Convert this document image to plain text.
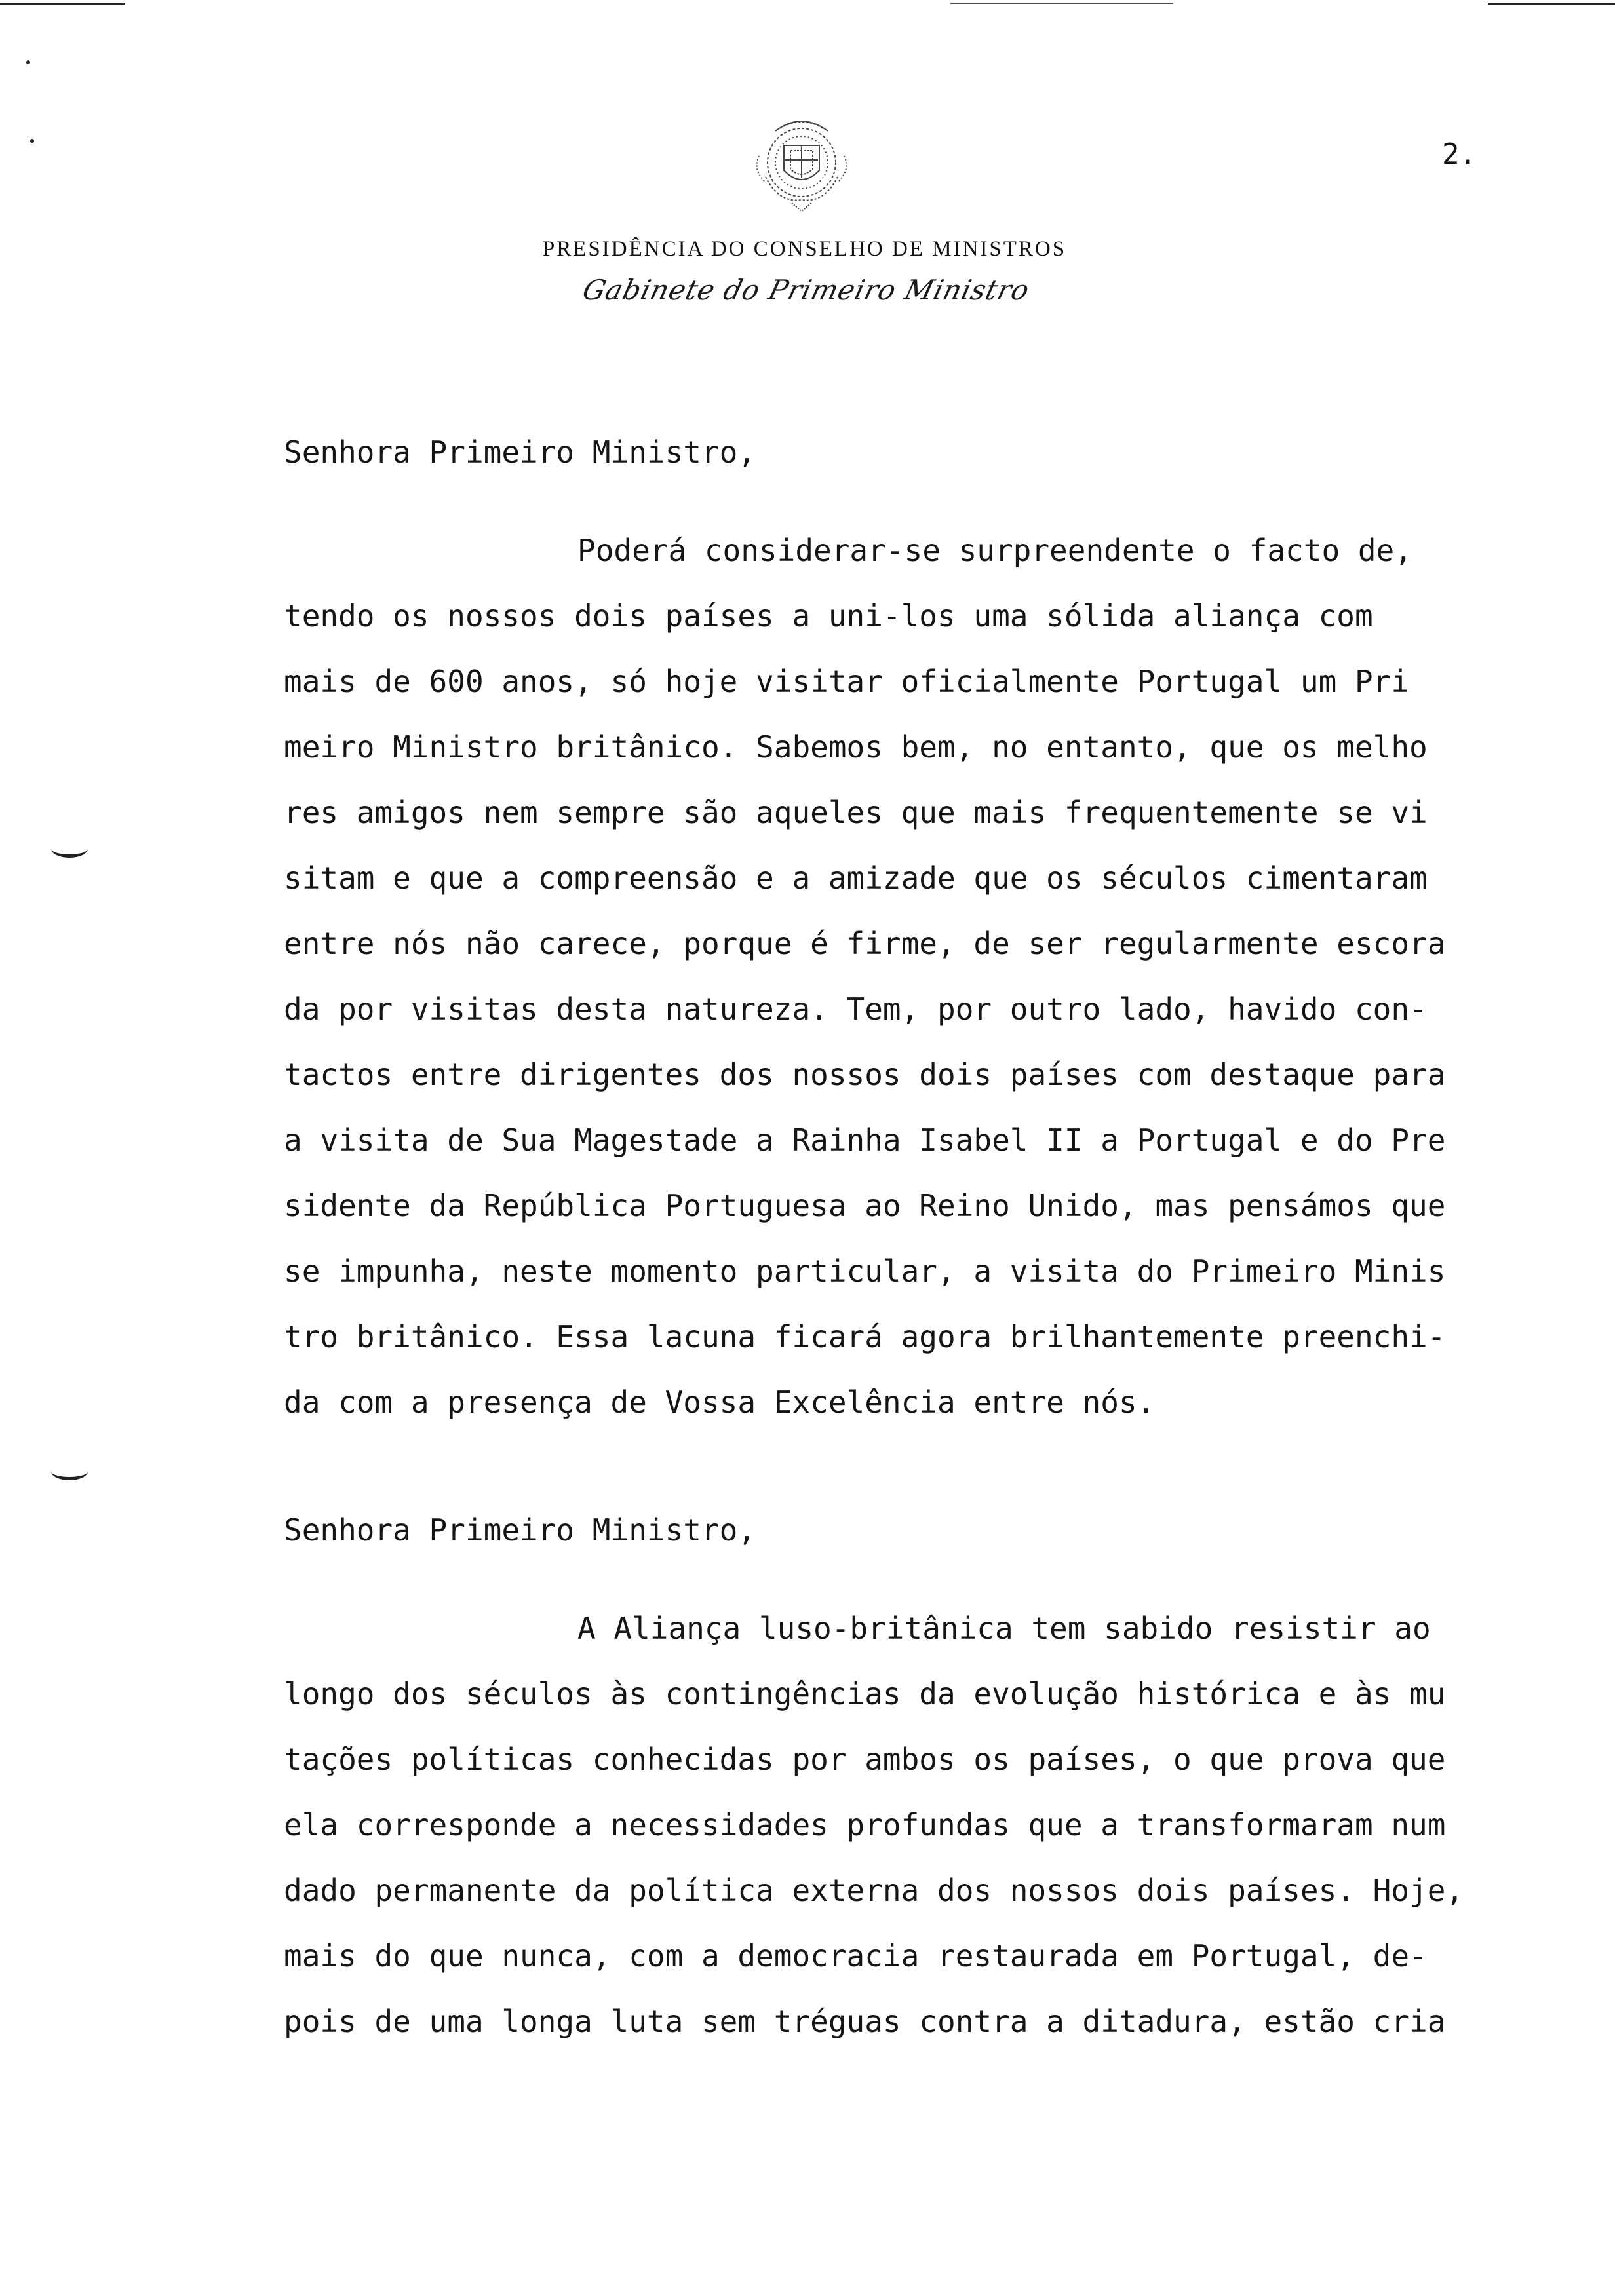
2.
PRESIDÊNCIA DO CONSELHO DE MINISTROS
Gabinete do Primeiro Ministro
Senhora Primeiro Ministro,
Poderá considerar-se surpreendente o facto de,
tendo os nossos dois países a uni-los uma sólida aliança com
mais de 600 anos, só hoje visitar oficialmente Portugal um Pri
meiro Ministro britânico. Sabemos bem, no entanto, que os melho
res amigos nem sempre são aqueles que mais frequentemente se vi
sitam e que a compreensão e a amizade que os séculos cimentaram
entre nós não carece, porque é firme, de ser regularmente escora
da por visitas desta natureza. Tem, por outro lado, havido con-
tactos entre dirigentes dos nossos dois países com destaque para
a visita de Sua Magestade a Rainha Isabel II a Portugal e do Pre
sidente da República Portuguesa ao Reino Unido, mas pensámos que
se impunha, neste momento particular, a visita do Primeiro Minis
tro britânico. Essa lacuna ficará agora brilhantemente preenchi-
da com a presença de Vossa Excelência entre nós.
Senhora Primeiro Ministro,
A Aliança luso-britânica tem sabido resistir ao
longo dos séculos às contingências da evolução histórica e às mu
tações políticas conhecidas por ambos os países, o que prova que
ela corresponde a necessidades profundas que a transformaram num
dado permanente da política externa dos nossos dois países. Hoje,
mais do que nunca, com a democracia restaurada em Portugal, de-
pois de uma longa luta sem tréguas contra a ditadura, estão cria
